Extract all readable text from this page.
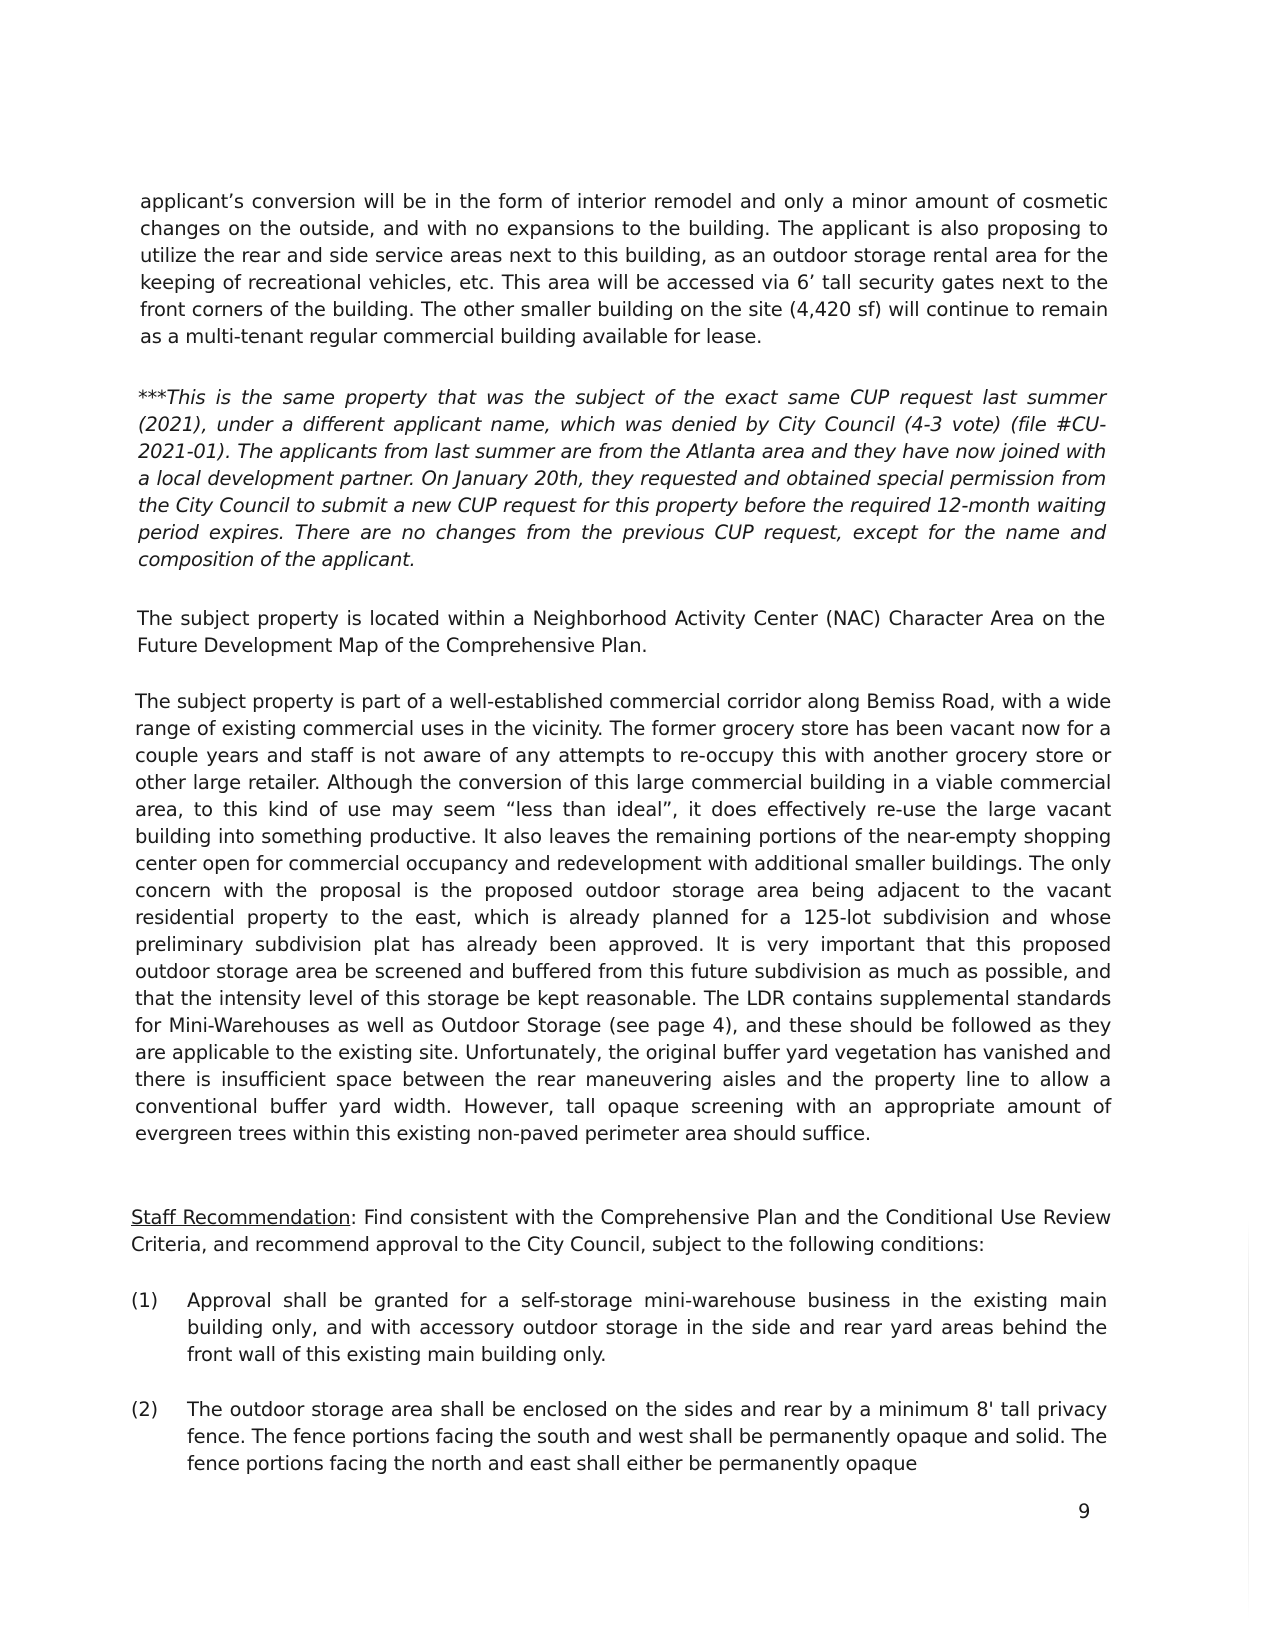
applicant’s conversion will be in the form of interior remodel and only a minor amount of cosmetic changes on the outside, and with no expansions to the building. The applicant is also proposing to utilize the rear and side service areas next to this building, as an outdoor storage rental area for the keeping of recreational vehicles, etc. This area will be accessed via 6’ tall security gates next to the front corners of the building. The other smaller building on the site (4,420 sf) will continue to remain as a multi-tenant regular commercial building available for lease.

***This is the same property that was the subject of the exact same CUP request last summer (2021), under a different applicant name, which was denied by City Council (4-3 vote) (file #CU-2021-01). The applicants from last summer are from the Atlanta area and they have now joined with a local development partner. On January 20th, they requested and obtained special permission from the City Council to submit a new CUP request for this property before the required 12-month waiting period expires. There are no changes from the previous CUP request, except for the name and composition of the applicant.

The subject property is located within a Neighborhood Activity Center (NAC) Character Area on the Future Development Map of the Comprehensive Plan.

The subject property is part of a well-established commercial corridor along Bemiss Road, with a wide range of existing commercial uses in the vicinity. The former grocery store has been vacant now for a couple years and staff is not aware of any attempts to re-occupy this with another grocery store or other large retailer. Although the conversion of this large commercial building in a viable commercial area, to this kind of use may seem “less than ideal”, it does effectively re-use the large vacant building into something productive. It also leaves the remaining portions of the near-empty shopping center open for commercial occupancy and redevelopment with additional smaller buildings. The only concern with the proposal is the proposed outdoor storage area being adjacent to the vacant residential property to the east, which is already planned for a 125-lot subdivision and whose preliminary subdivision plat has already been approved. It is very important that this proposed outdoor storage area be screened and buffered from this future subdivision as much as possible, and that the intensity level of this storage be kept reasonable. The LDR contains supplemental standards for Mini-Warehouses as well as Outdoor Storage (see page 4), and these should be followed as they are applicable to the existing site. Unfortunately, the original buffer yard vegetation has vanished and there is insufficient space between the rear maneuvering aisles and the property line to allow a conventional buffer yard width. However, tall opaque screening with an appropriate amount of evergreen trees within this existing non-paved perimeter area should suffice.

Staff Recommendation: Find consistent with the Comprehensive Plan and the Conditional Use Review Criteria, and recommend approval to the City Council, subject to the following conditions:

(1) Approval shall be granted for a self-storage mini-warehouse business in the existing main building only, and with accessory outdoor storage in the side and rear yard areas behind the front wall of this existing main building only.

(2) The outdoor storage area shall be enclosed on the sides and rear by a minimum 8' tall privacy fence. The fence portions facing the south and west shall be permanently opaque and solid. The fence portions facing the north and east shall either be permanently opaque

9
